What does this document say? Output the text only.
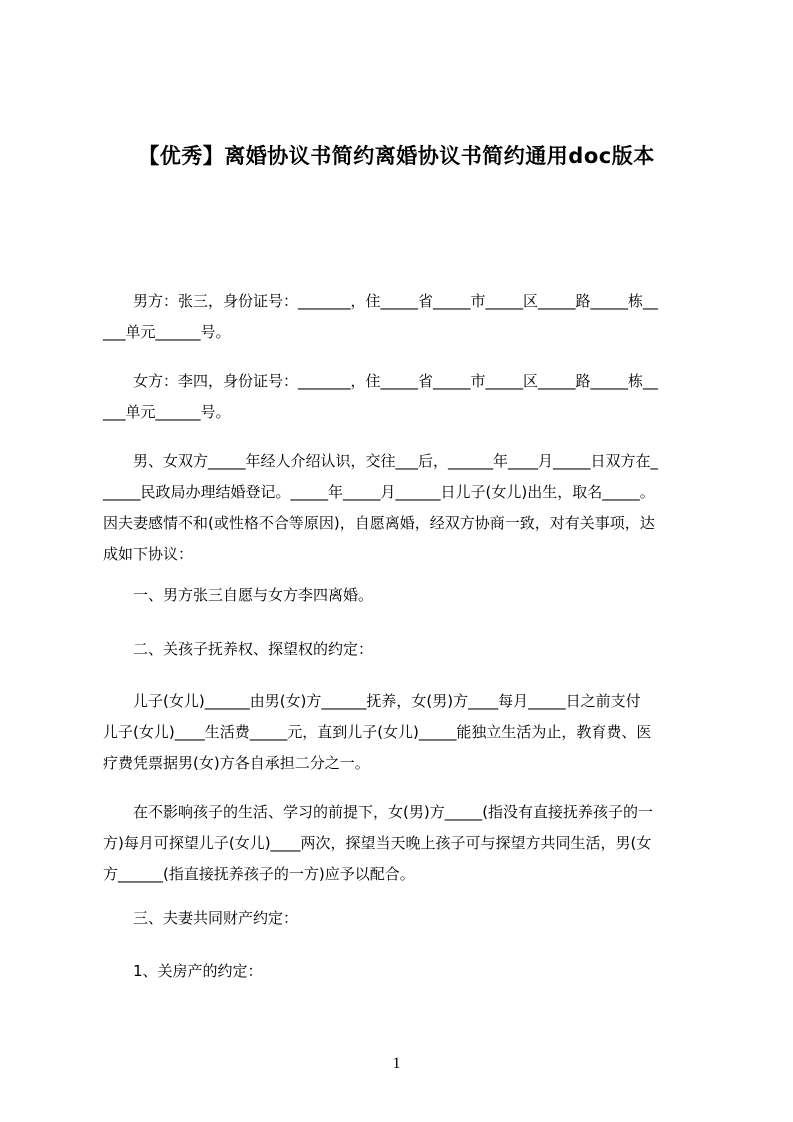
【优秀】离婚协议书简约离婚协议书简约通用doc版本
　　男方：张三，身份证号：_______，住_____省_____市_____区_____路_____栋__
___单元______号。
　　女方：李四，身份证号：_______，住_____省_____市_____区_____路_____栋__
___单元______号。
　　男、女双方_____年经人介绍认识，交往___后，______年____月_____日双方在_
_____民政局办理结婚登记。_____年_____月______日儿子(女儿)出生，取名_____。
因夫妻感情不和(或性格不合等原因)，自愿离婚，经双方协商一致，对有关事项，达
成如下协议：
　　一、男方张三自愿与女方李四离婚。
　　二、关孩子抚养权、探望权的约定：
　　儿子(女儿)______由男(女)方______抚养，女(男)方____每月_____日之前支付
儿子(女儿)____生活费_____元，直到儿子(女儿)_____能独立生活为止，教育费、医
疗费凭票据男(女)方各自承担二分之一。
　　在不影响孩子的生活、学习的前提下，女(男)方_____(指没有直接抚养孩子的一
方)每月可探望儿子(女儿)____两次，探望当天晚上孩子可与探望方共同生活，男(女
方______(指直接抚养孩子的一方)应予以配合。
　　三、夫妻共同财产约定：
　　1、关房产的约定：
1
